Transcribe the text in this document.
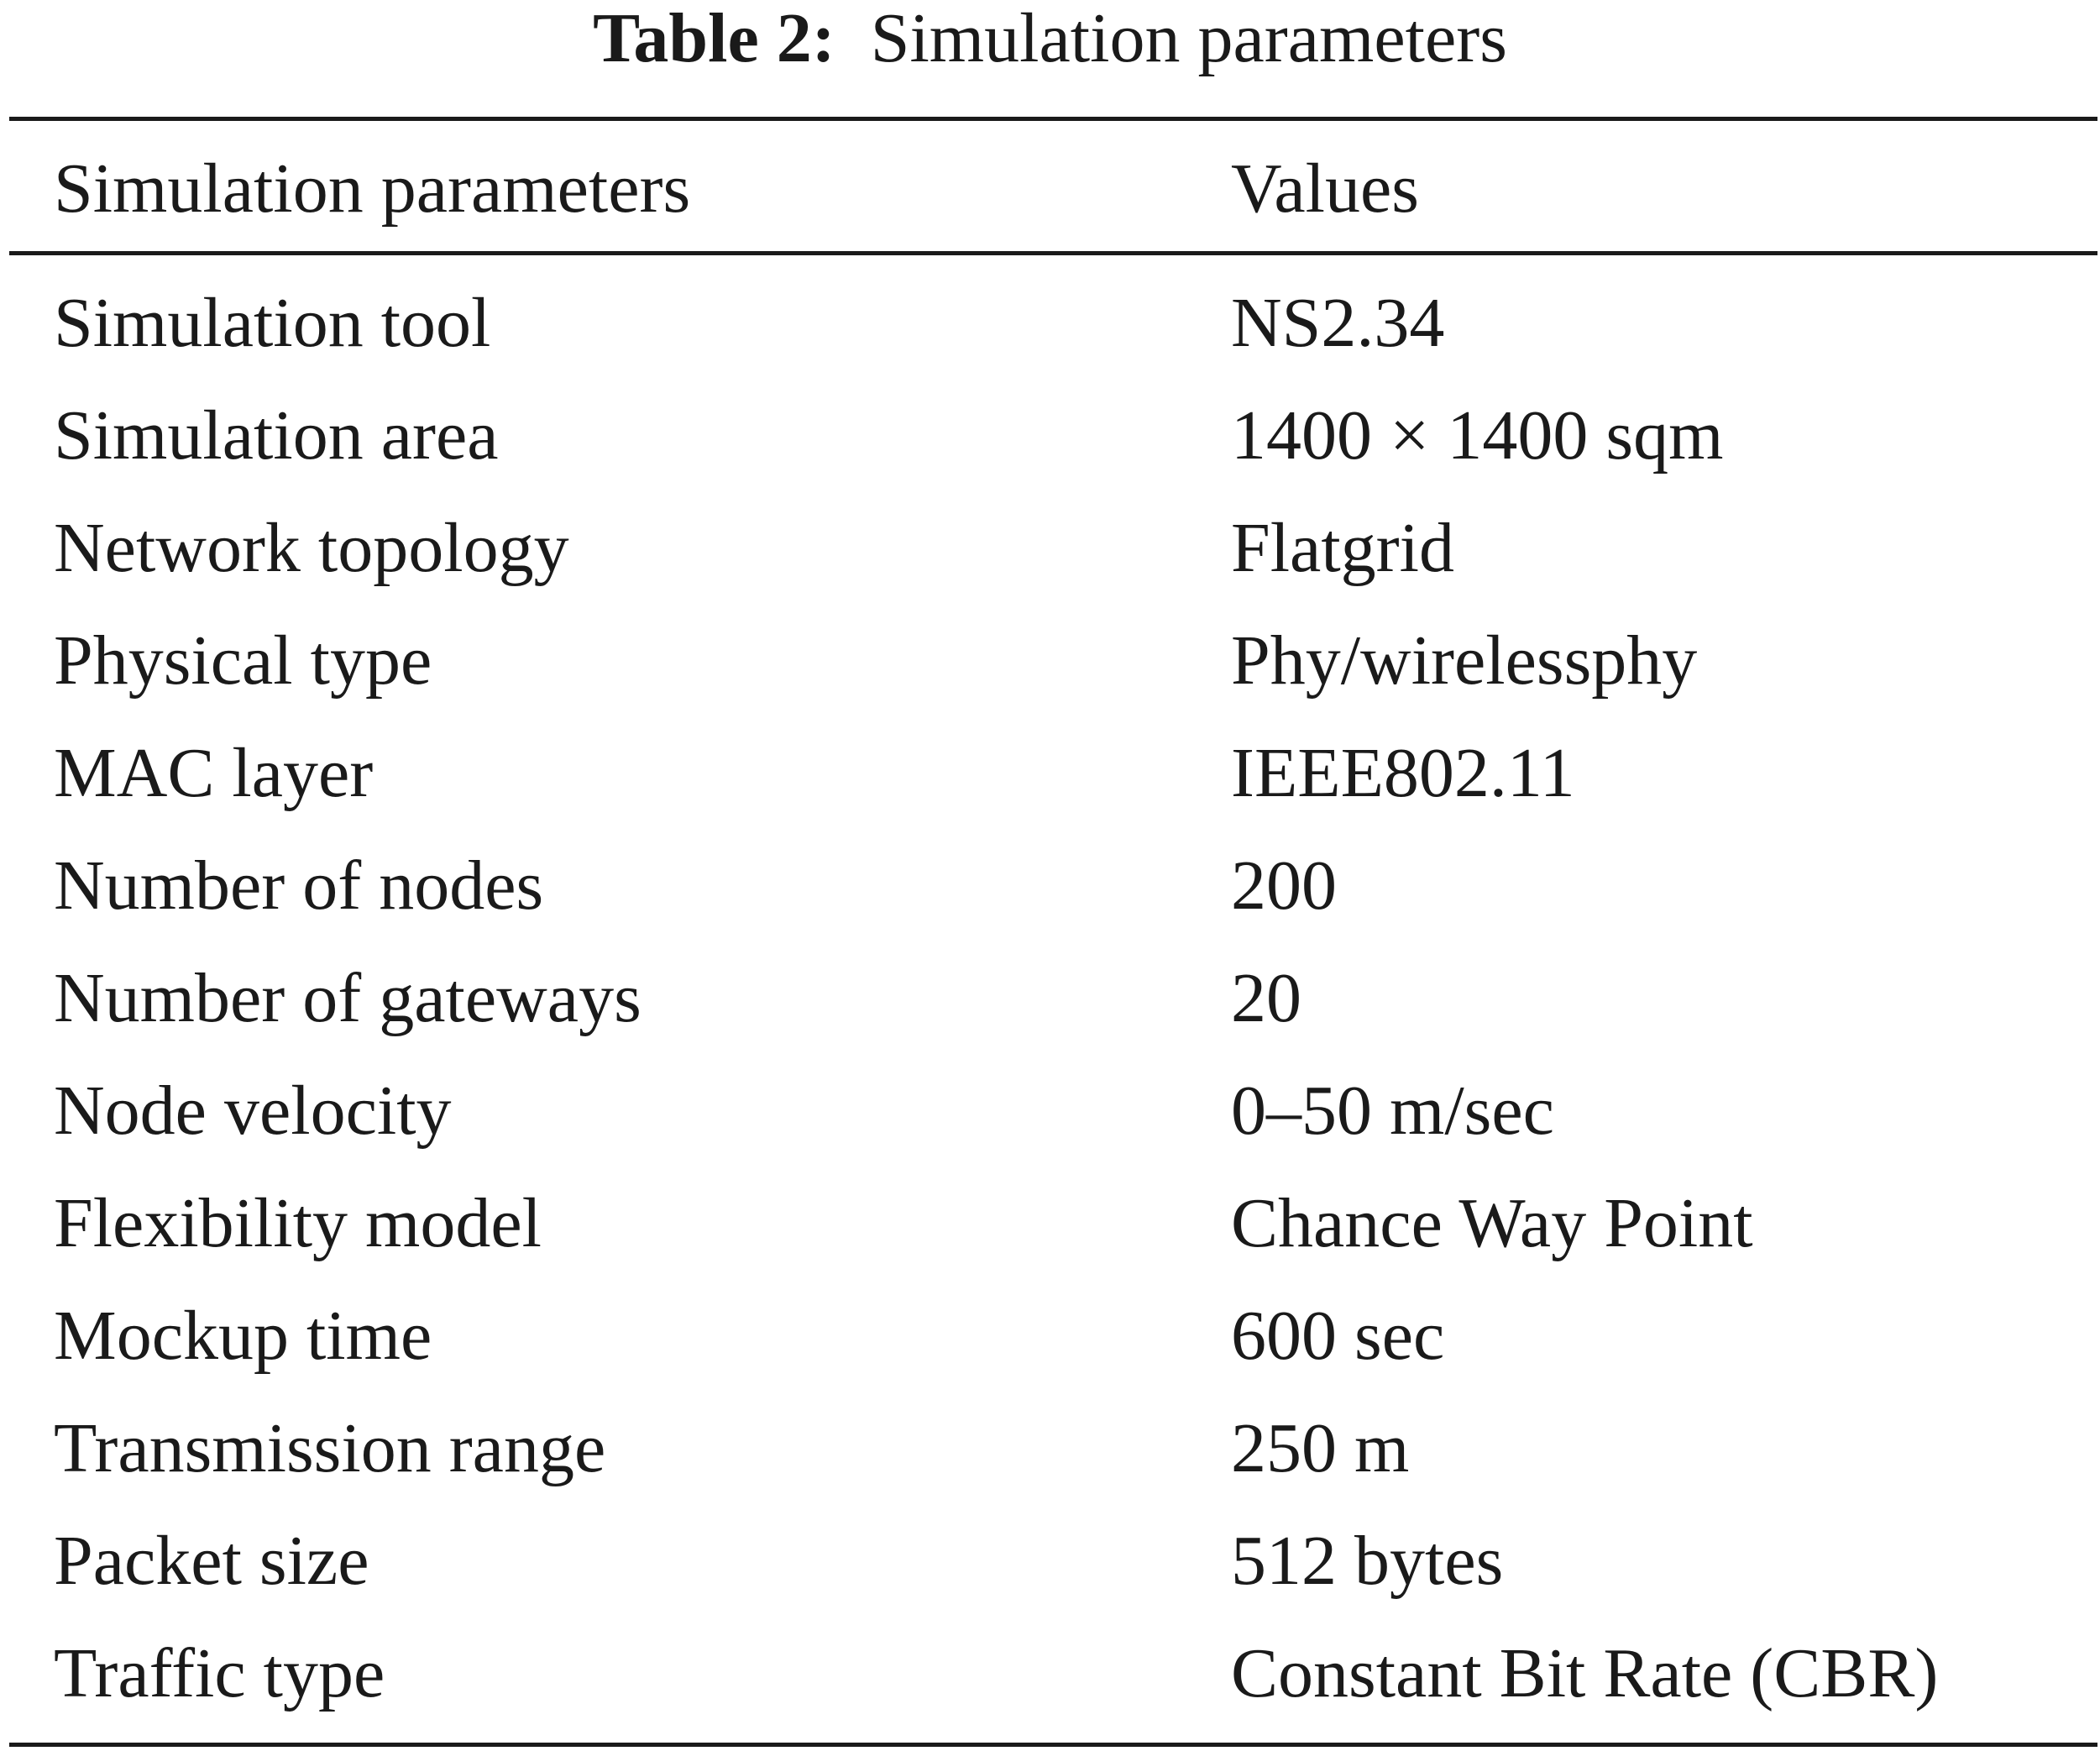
Table 2: Simulation parameters
Simulation parameters	Values
Simulation tool	NS2.34
Simulation area	1400 × 1400 sqm
Network topology	Flatgrid
Physical type	Phy/wirelessphy
MAC layer	IEEE802.11
Number of nodes	200
Number of gateways	20
Node velocity	0–50 m/sec
Flexibility model	Chance Way Point
Mockup time	600 sec
Transmission range	250 m
Packet size	512 bytes
Traffic type	Constant Bit Rate (CBR)
